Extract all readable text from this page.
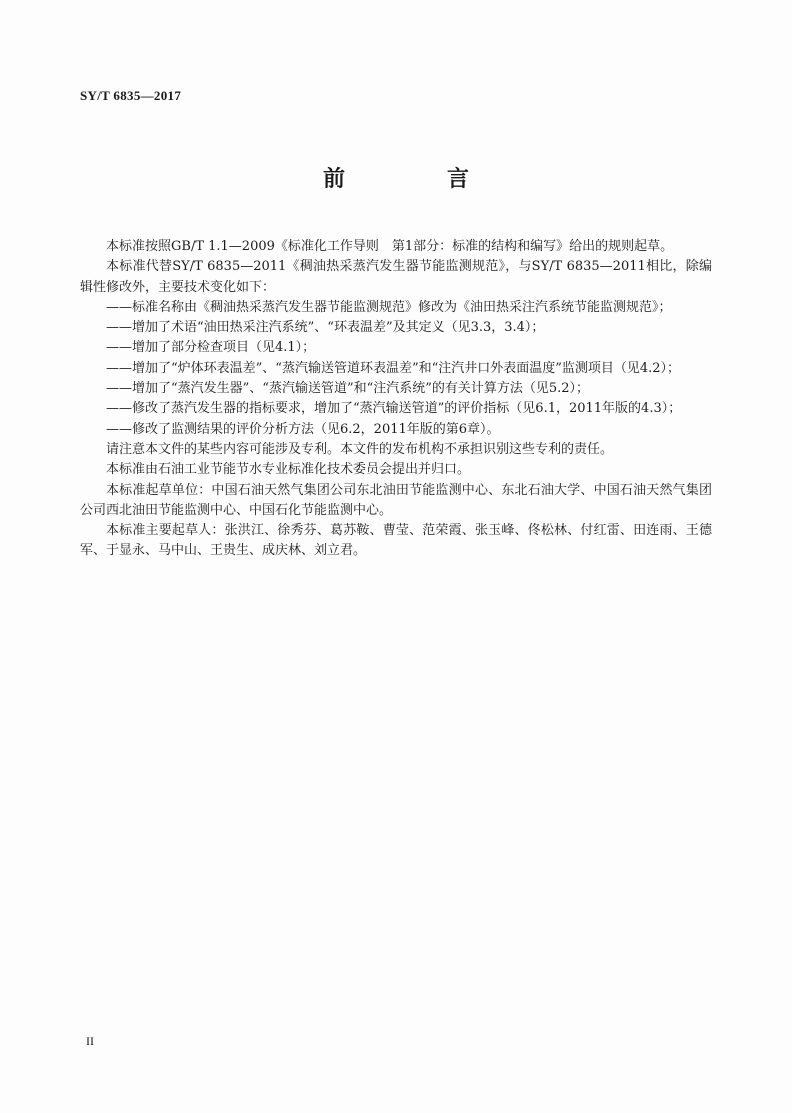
SY/T 6835—2017
前　言

本标准按照GB/T 1.1—2009《标准化工作导则　第1部分：标准的结构和编写》给出的规则起草。

本标准代替SY/T 6835—2011《稠油热采蒸汽发生器节能监测规范》，与SY/T 6835—2011相比，除编辑性修改外，主要技术变化如下：

——标准名称由《稠油热采蒸汽发生器节能监测规范》修改为《油田热采注汽系统节能监测规范》；

——增加了术语“油田热采注汽系统”、“环表温差”及其定义（见3.3，3.4）；

——增加了部分检查项目（见4.1）；

——增加了“炉体环表温差”、“蒸汽输送管道环表温差”和“注汽井口外表面温度”监测项目（见4.2）；

——增加了“蒸汽发生器”、“蒸汽输送管道”和“注汽系统”的有关计算方法（见5.2）；

——修改了蒸汽发生器的指标要求，增加了“蒸汽输送管道”的评价指标（见6.1，2011年版的4.3）；

——修改了监测结果的评价分析方法（见6.2，2011年版的第6章）。

请注意本文件的某些内容可能涉及专利。本文件的发布机构不承担识别这些专利的责任。

本标准由石油工业节能节水专业标准化技术委员会提出并归口。

本标准起草单位：中国石油天然气集团公司东北油田节能监测中心、东北石油大学、中国石油天然气集团公司西北油田节能监测中心、中国石化节能监测中心。

本标准主要起草人：张洪江、徐秀芬、葛苏鞍、曹莹、范荣霞、张玉峰、佟松林、付红雷、田连雨、王德军、于显永、马中山、王贵生、成庆林、刘立君。

II
